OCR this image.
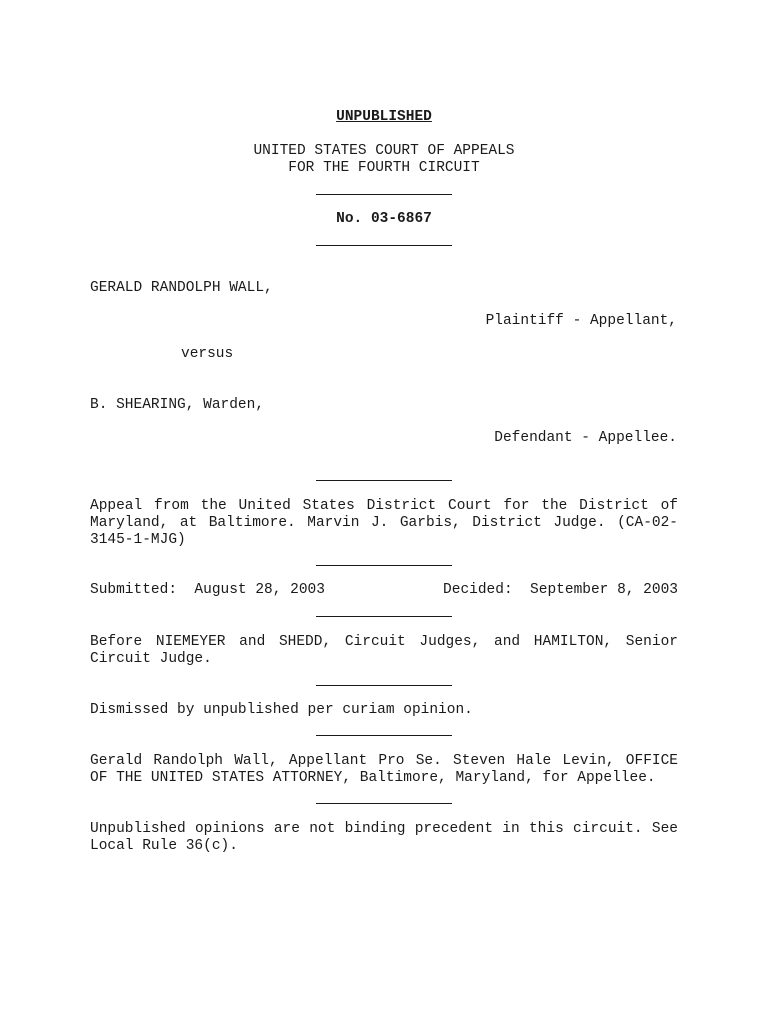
UNPUBLISHED
UNITED STATES COURT OF APPEALS
FOR THE FOURTH CIRCUIT
No. 03-6867
GERALD RANDOLPH WALL,
Plaintiff - Appellant,
versus
B. SHEARING, Warden,
Defendant - Appellee.
Appeal from the United States District Court for the District of Maryland, at Baltimore. Marvin J. Garbis, District Judge. (CA-02-3145-1-MJG)
Submitted:  August 28, 2003	Decided:  September 8, 2003
Before NIEMEYER and SHEDD, Circuit Judges, and HAMILTON, Senior Circuit Judge.
Dismissed by unpublished per curiam opinion.
Gerald Randolph Wall, Appellant Pro Se. Steven Hale Levin, OFFICE OF THE UNITED STATES ATTORNEY, Baltimore, Maryland, for Appellee.
Unpublished opinions are not binding precedent in this circuit. See Local Rule 36(c).
